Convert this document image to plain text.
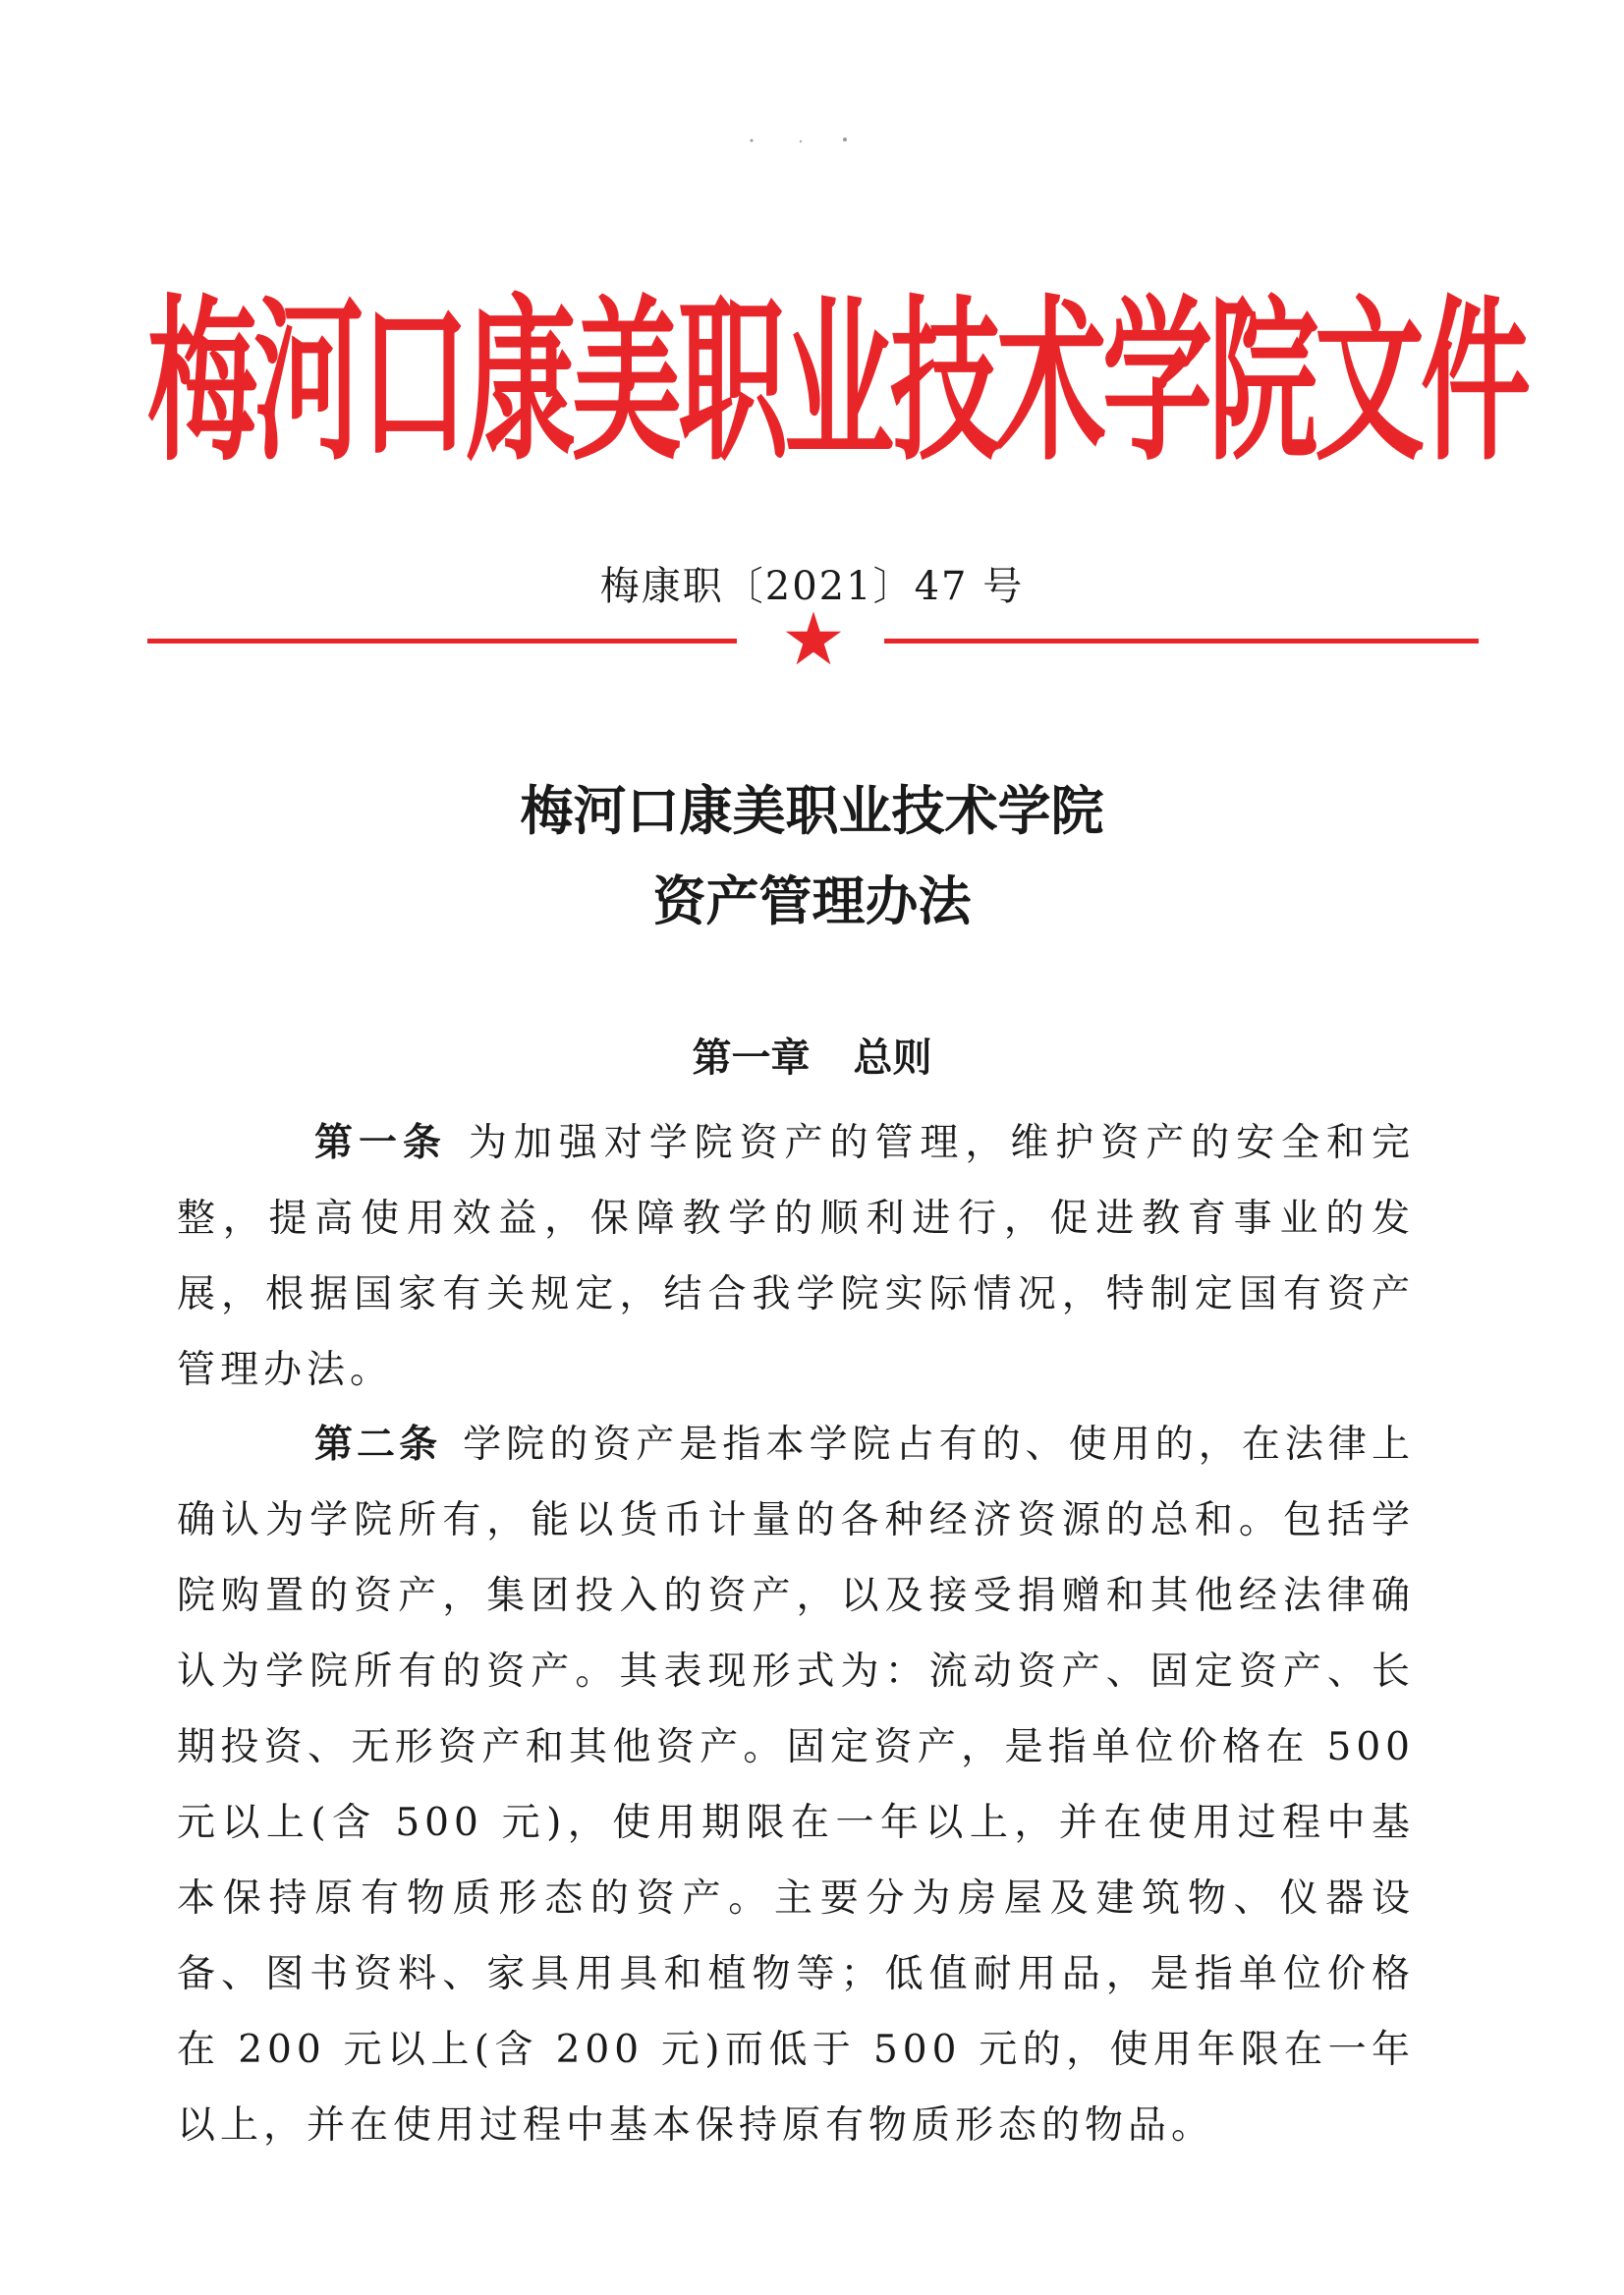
梅河口康美职业技术学院文件
梅康职〔2021〕47 号
梅河口康美职业技术学院
资产管理办法
第一章 总则

第一条 为加强对学院资产的管理，维护资产的安全和完整，提高使用效益，保障教学的顺利进行，促进教育事业的发展，根据国家有关规定，结合我学院实际情况，特制定国有资产管理办法。

第二条 学院的资产是指本学院占有的、使用的，在法律上确认为学院所有，能以货币计量的各种经济资源的总和。包括学院购置的资产，集团投入的资产，以及接受捐赠和其他经法律确认为学院所有的资产。其表现形式为：流动资产、固定资产、长期投资、无形资产和其他资产。固定资产，是指单位价格在 500 元以上(含 500 元)，使用期限在一年以上，并在使用过程中基本保持原有物质形态的资产。主要分为房屋及建筑物、仪器设备、图书资料、家具用具和植物等；低值耐用品，是指单位价格在 200 元以上(含 200 元)而低于 500 元的，使用年限在一年以上，并在使用过程中基本保持原有物质形态的物品。
